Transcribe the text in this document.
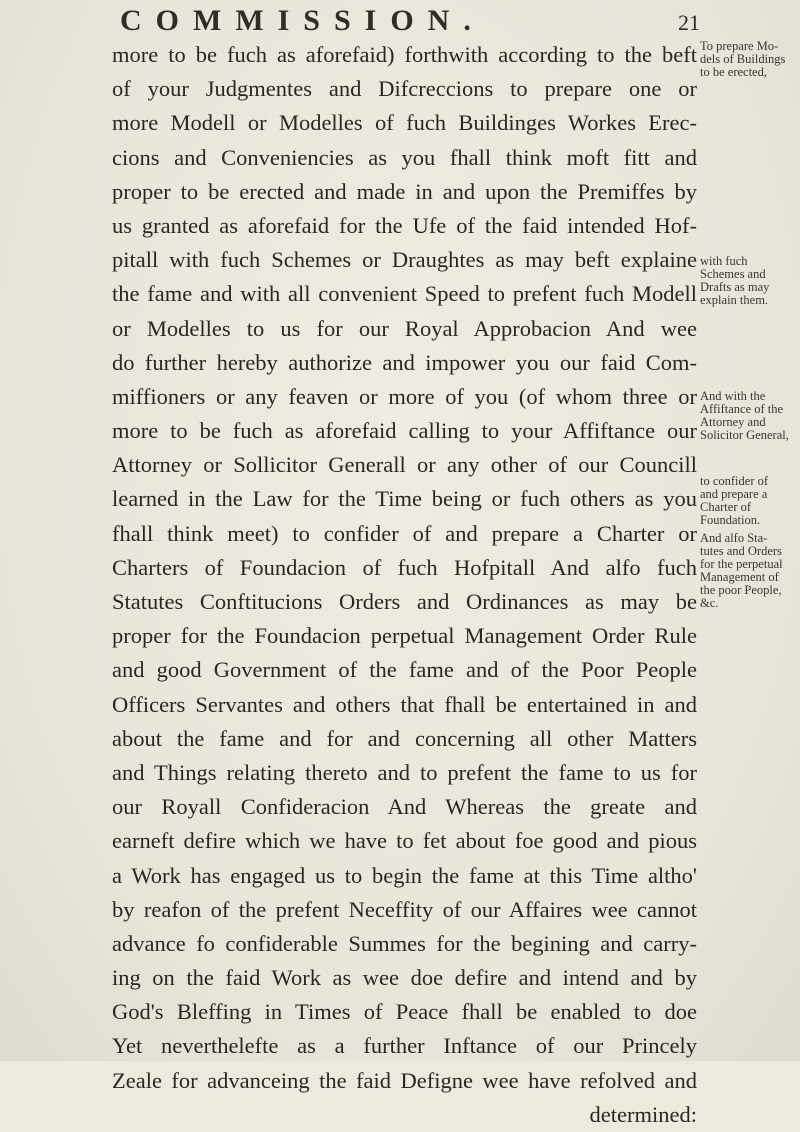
COMMISSION.	21
more to be fuch as aforefaid) forthwith according to the beft
of your Judgmentes and Difcreccions to prepare one or
more Modell or Modelles of fuch Buildinges Workes Erec-
cions and Conveniencies as you fhall think moft fitt and
proper to be erected and made in and upon the Premiffes by
us granted as aforefaid for the Ufe of the faid intended Hof-
pitall with fuch Schemes or Draughtes as may beft explaine
the fame and with all convenient Speed to prefent fuch Modell
or Modelles to us for our Royal Approbacion And wee
do further hereby authorize and impower you our faid Com-
miffioners or any feaven or more of you (of whom three or
more to be fuch as aforefaid calling to your Affiftance our
Attorney or Sollicitor Generall or any other of our Councill
learned in the Law for the Time being or fuch others as you
fhall think meet) to confider of and prepare a Charter or
Charters of Foundacion of fuch Hofpitall And alfo fuch
Statutes Conftitucions Orders and Ordinances as may be
proper for the Foundacion perpetual Management Order Rule
and good Government of the fame and of the Poor People
Officers Servantes and others that fhall be entertained in and
about the fame and for and concerning all other Matters
and Things relating thereto and to prefent the fame to us for
our Royall Confideracion And Whereas the greate and
earneft defire which we have to fet about foe good and pious
a Work has engaged us to begin the fame at this Time altho'
by reafon of the prefent Neceffity of our Affaires wee cannot
advance fo confiderable Summes for the begining and carry-
ing on the faid Work as wee doe defire and intend and by
God's Bleffing in Times of Peace fhall be enabled to doe
Yet neverthelefte as a further Inftance of our Princely
Zeale for advanceing the faid Defigne wee have refolved and
determined:
To prepare Mo-
dels of Buildings
to be erected,
with fuch
Schemes and
Drafts as may
explain them.
And with the
Affiftance of the
Attorney and
Solicitor General,
to confider of
and prepare a
Charter of
Foundation.
And alfo Sta-
tutes and Orders
for the perpetual
Management of
the poor People,
&c.
